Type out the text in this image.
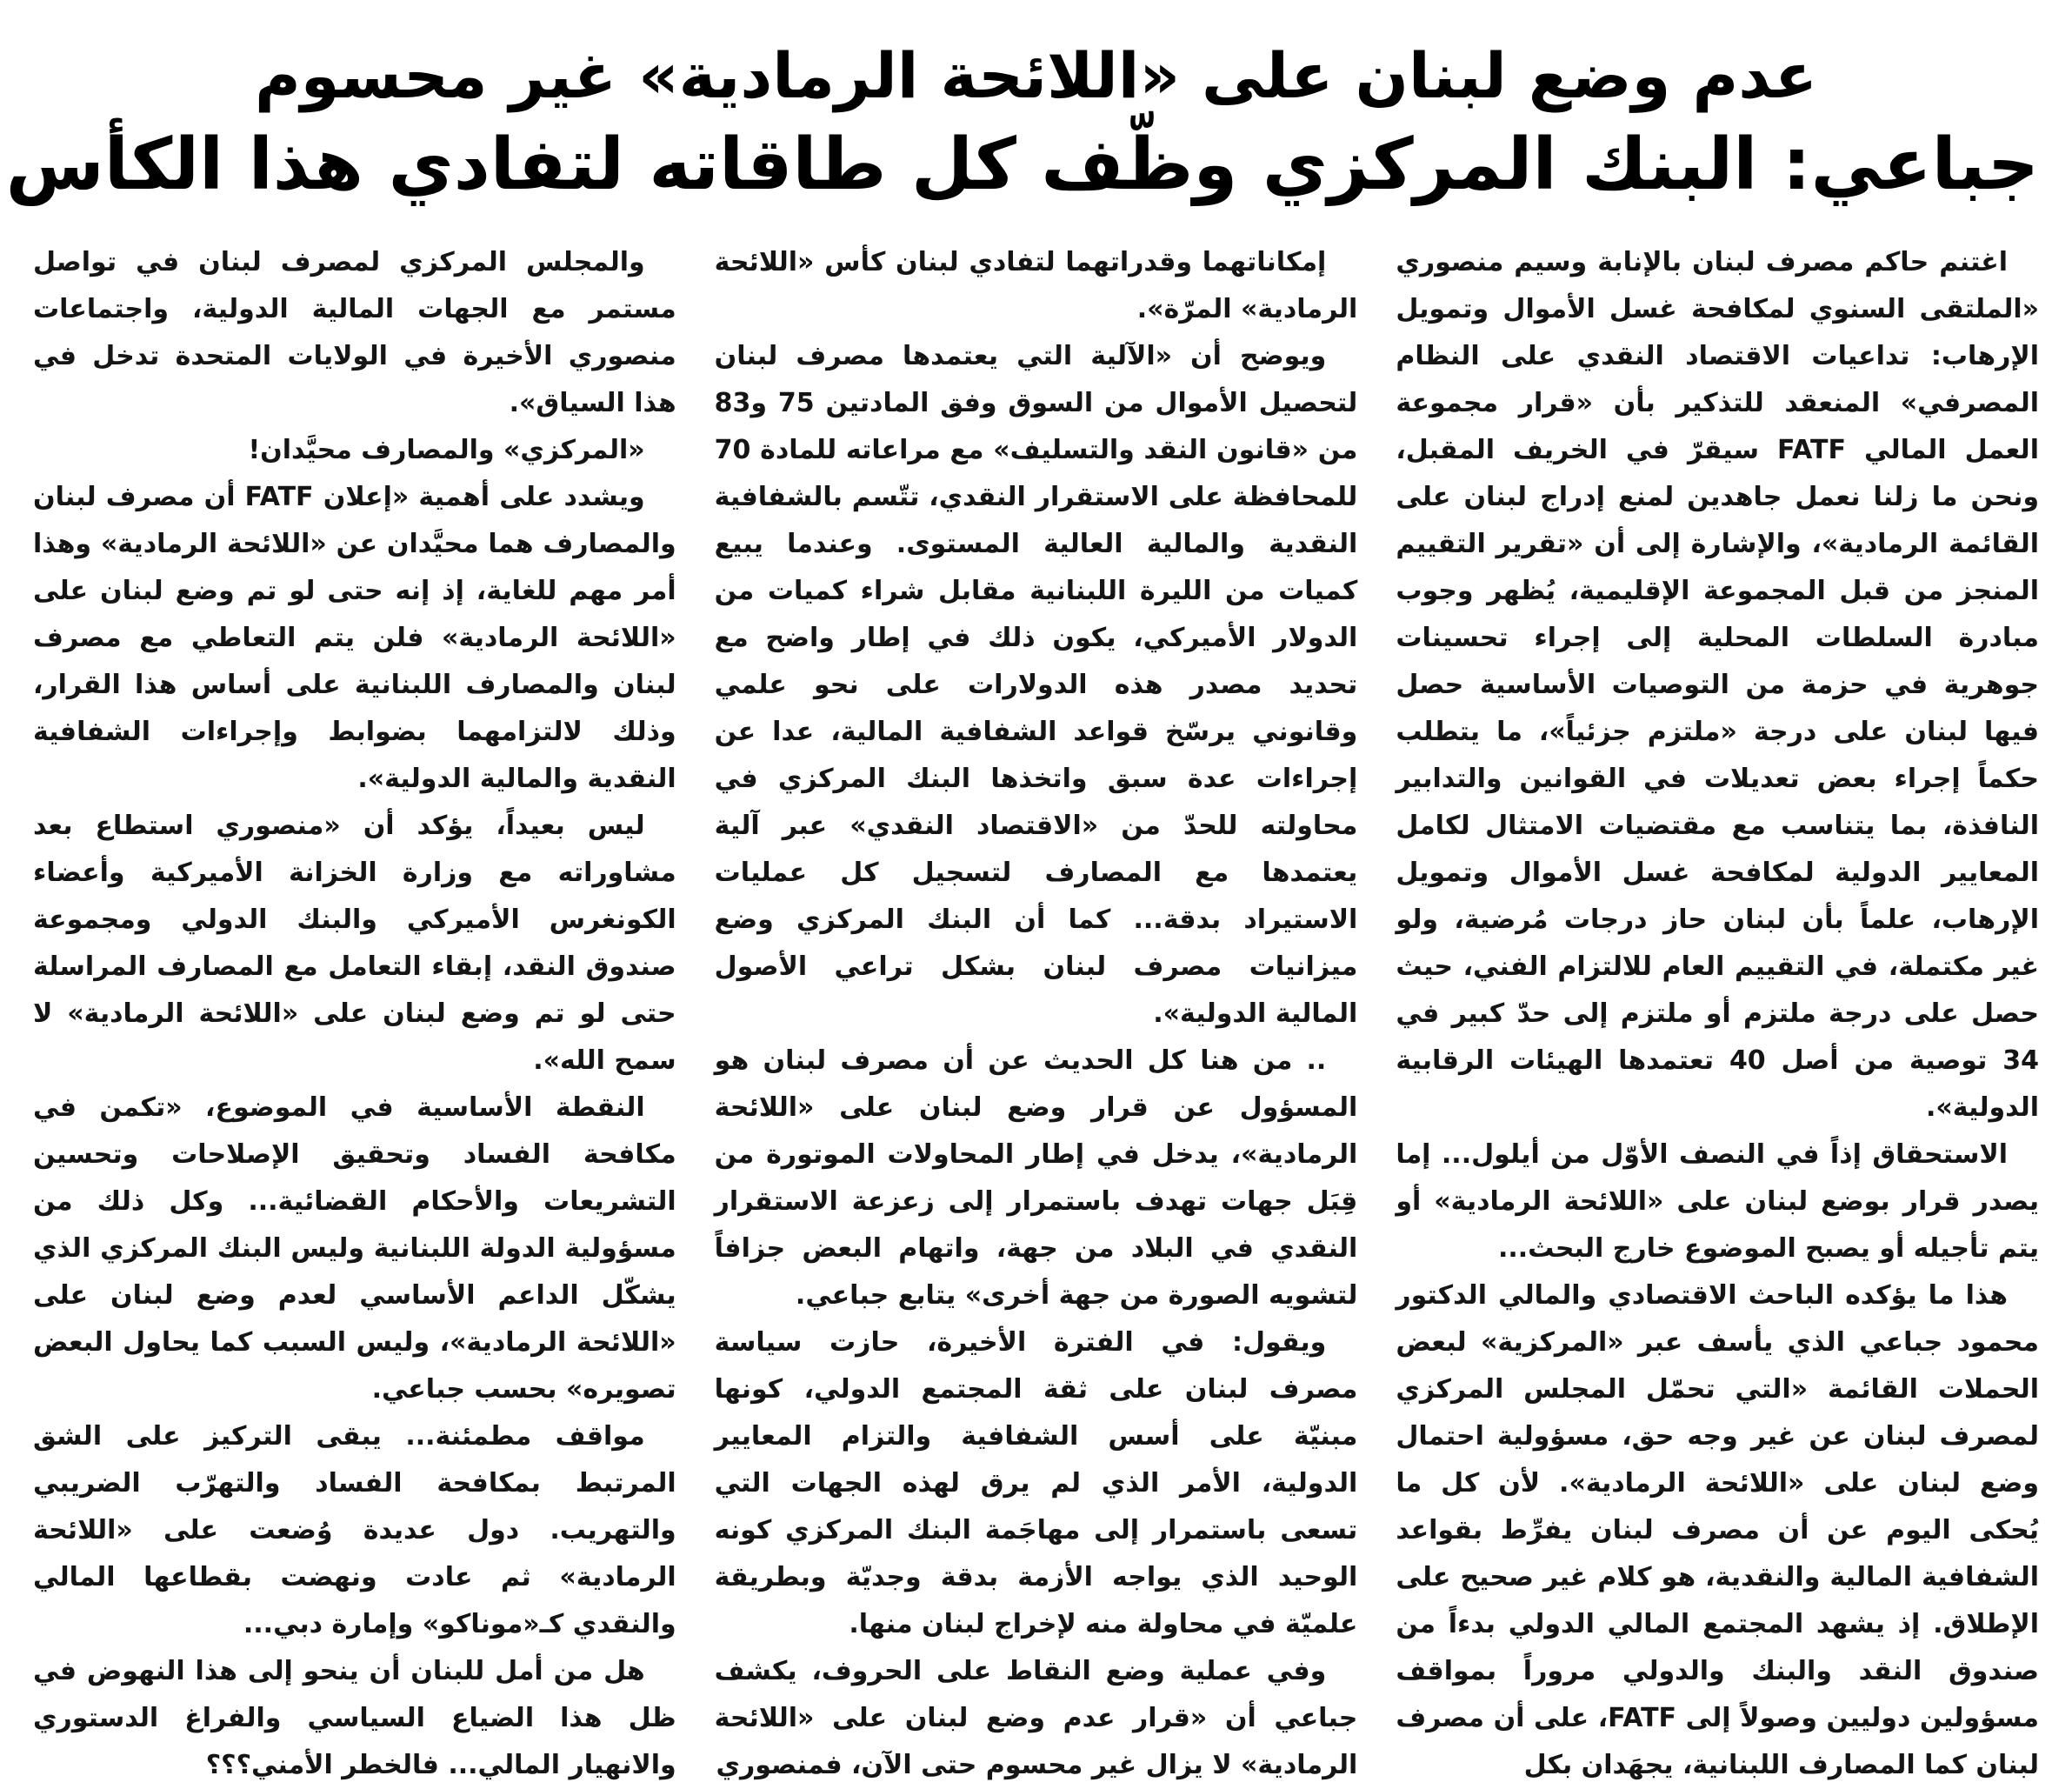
عدم وضع لبنان على «اللائحة الرمادية» غير محسوم
جباعي: البنك المركزي وظّف كل طاقاته لتفادي هذا الكأس

اغتنم حاكم مصرف لبنان بالإنابة وسيم منصوري «الملتقى السنوي لمكافحة غسل الأموال وتمويل الإرهاب: تداعيات الاقتصاد النقدي على النظام المصرفي» المنعقد للتذكير بأن «قرار مجموعة العمل المالي FATF سيقرّ في الخريف المقبل، ونحن ما زلنا نعمل جاهدين لمنع إدراج لبنان على القائمة الرمادية»، والإشارة إلى أن «تقرير التقييم المنجز من قبل المجموعة الإقليمية، يُظهر وجوب مبادرة السلطات المحلية إلى إجراء تحسينات جوهرية في حزمة من التوصيات الأساسية حصل فيها لبنان على درجة «ملتزم جزئياً»، ما يتطلب حكماً إجراء بعض تعديلات في القوانين والتدابير النافذة، بما يتناسب مع مقتضيات الامتثال لكامل المعايير الدولية لمكافحة غسل الأموال وتمويل الإرهاب، علماً بأن لبنان حاز درجات مُرضية، ولو غير مكتملة، في التقييم العام للالتزام الفني، حيث حصل على درجة ملتزم أو ملتزم إلى حدّ كبير في 34 توصية من أصل 40 تعتمدها الهيئات الرقابية الدولية».

الاستحقاق إذاً في النصف الأوّل من أيلول... إما يصدر قرار بوضع لبنان على «اللائحة الرمادية» أو يتم تأجيله أو يصبح الموضوع خارج البحث...

هذا ما يؤكده الباحث الاقتصادي والمالي الدكتور محمود جباعي الذي يأسف عبر «المركزية» لبعض الحملات القائمة «التي تحمّل المجلس المركزي لمصرف لبنان عن غير وجه حق، مسؤولية احتمال وضع لبنان على «اللائحة الرمادية». لأن كل ما يُحكى اليوم عن أن مصرف لبنان يفرِّط بقواعد الشفافية المالية والنقدية، هو كلام غير صحيح على الإطلاق. إذ يشهد المجتمع المالي الدولي بدءاً من صندوق النقد والبنك والدولي مروراً بمواقف مسؤولين دوليين وصولاً إلى FATF، على أن مصرف لبنان كما المصارف اللبنانية، يجهَدان بكل

إمكاناتهما وقدراتهما لتفادي لبنان كأس «اللائحة الرمادية» المرّة».

ويوضح أن «الآلية التي يعتمدها مصرف لبنان لتحصيل الأموال من السوق وفق المادتين 75 و83 من «قانون النقد والتسليف» مع مراعاته للمادة 70 للمحافظة على الاستقرار النقدي، تتّسم بالشفافية النقدية والمالية العالية المستوى. وعندما يبيع كميات من الليرة اللبنانية مقابل شراء كميات من الدولار الأميركي، يكون ذلك في إطار واضح مع تحديد مصدر هذه الدولارات على نحو علمي وقانوني يرسّخ قواعد الشفافية المالية، عدا عن إجراءات عدة سبق واتخذها البنك المركزي في محاولته للحدّ من «الاقتصاد النقدي» عبر آلية يعتمدها مع المصارف لتسجيل كل عمليات الاستيراد بدقة... كما أن البنك المركزي وضع ميزانيات مصرف لبنان بشكل تراعي الأصول المالية الدولية».

.. من هنا كل الحديث عن أن مصرف لبنان هو المسؤول عن قرار وضع لبنان على «اللائحة الرمادية»، يدخل في إطار المحاولات الموتورة من قِبَل جهات تهدف باستمرار إلى زعزعة الاستقرار النقدي في البلاد من جهة، واتهام البعض جزافاً لتشويه الصورة من جهة أخرى» يتابع جباعي.

ويقول: في الفترة الأخيرة، حازت سياسة مصرف لبنان على ثقة المجتمع الدولي، كونها مبنيّة على أسس الشفافية والتزام المعايير الدولية، الأمر الذي لم يرق لهذه الجهات التي تسعى باستمرار إلى مهاجَمة البنك المركزي كونه الوحيد الذي يواجه الأزمة بدقة وجديّة وبطريقة علميّة في محاولة منه لإخراج لبنان منها.

وفي عملية وضع النقاط على الحروف، يكشف جباعي أن «قرار عدم وضع لبنان على «اللائحة الرمادية» لا يزال غير محسوم حتى الآن، فمنصوري

والمجلس المركزي لمصرف لبنان في تواصل مستمر مع الجهات المالية الدولية، واجتماعات منصوري الأخيرة في الولايات المتحدة تدخل في هذا السياق».

«المركزي» والمصارف محيَّدان!

ويشدد على أهمية «إعلان FATF أن مصرف لبنان والمصارف هما محيَّدان عن «اللائحة الرمادية» وهذا أمر مهم للغاية، إذ إنه حتى لو تم وضع لبنان على «اللائحة الرمادية» فلن يتم التعاطي مع مصرف لبنان والمصارف اللبنانية على أساس هذا القرار، وذلك لالتزامهما بضوابط وإجراءات الشفافية النقدية والمالية الدولية».

ليس بعيداً، يؤكد أن «منصوري استطاع بعد مشاوراته مع وزارة الخزانة الأميركية وأعضاء الكونغرس الأميركي والبنك الدولي ومجموعة صندوق النقد، إبقاء التعامل مع المصارف المراسلة حتى لو تم وضع لبنان على «اللائحة الرمادية» لا سمح الله».

النقطة الأساسية في الموضوع، «تكمن في مكافحة الفساد وتحقيق الإصلاحات وتحسين التشريعات والأحكام القضائية... وكل ذلك من مسؤولية الدولة اللبنانية وليس البنك المركزي الذي يشكّل الداعم الأساسي لعدم وضع لبنان على «اللائحة الرمادية»، وليس السبب كما يحاول البعض تصويره» بحسب جباعي.

مواقف مطمئنة... يبقى التركيز على الشق المرتبط بمكافحة الفساد والتهرّب الضريبي والتهريب. دول عديدة وُضعت على «اللائحة الرمادية» ثم عادت ونهضت بقطاعها المالي والنقدي كـ«موناكو» وإمارة دبي...

هل من أمل للبنان أن ينحو إلى هذا النهوض في ظل هذا الضياع السياسي والفراغ الدستوري والانهيار المالي... فالخطر الأمني؟؟؟
